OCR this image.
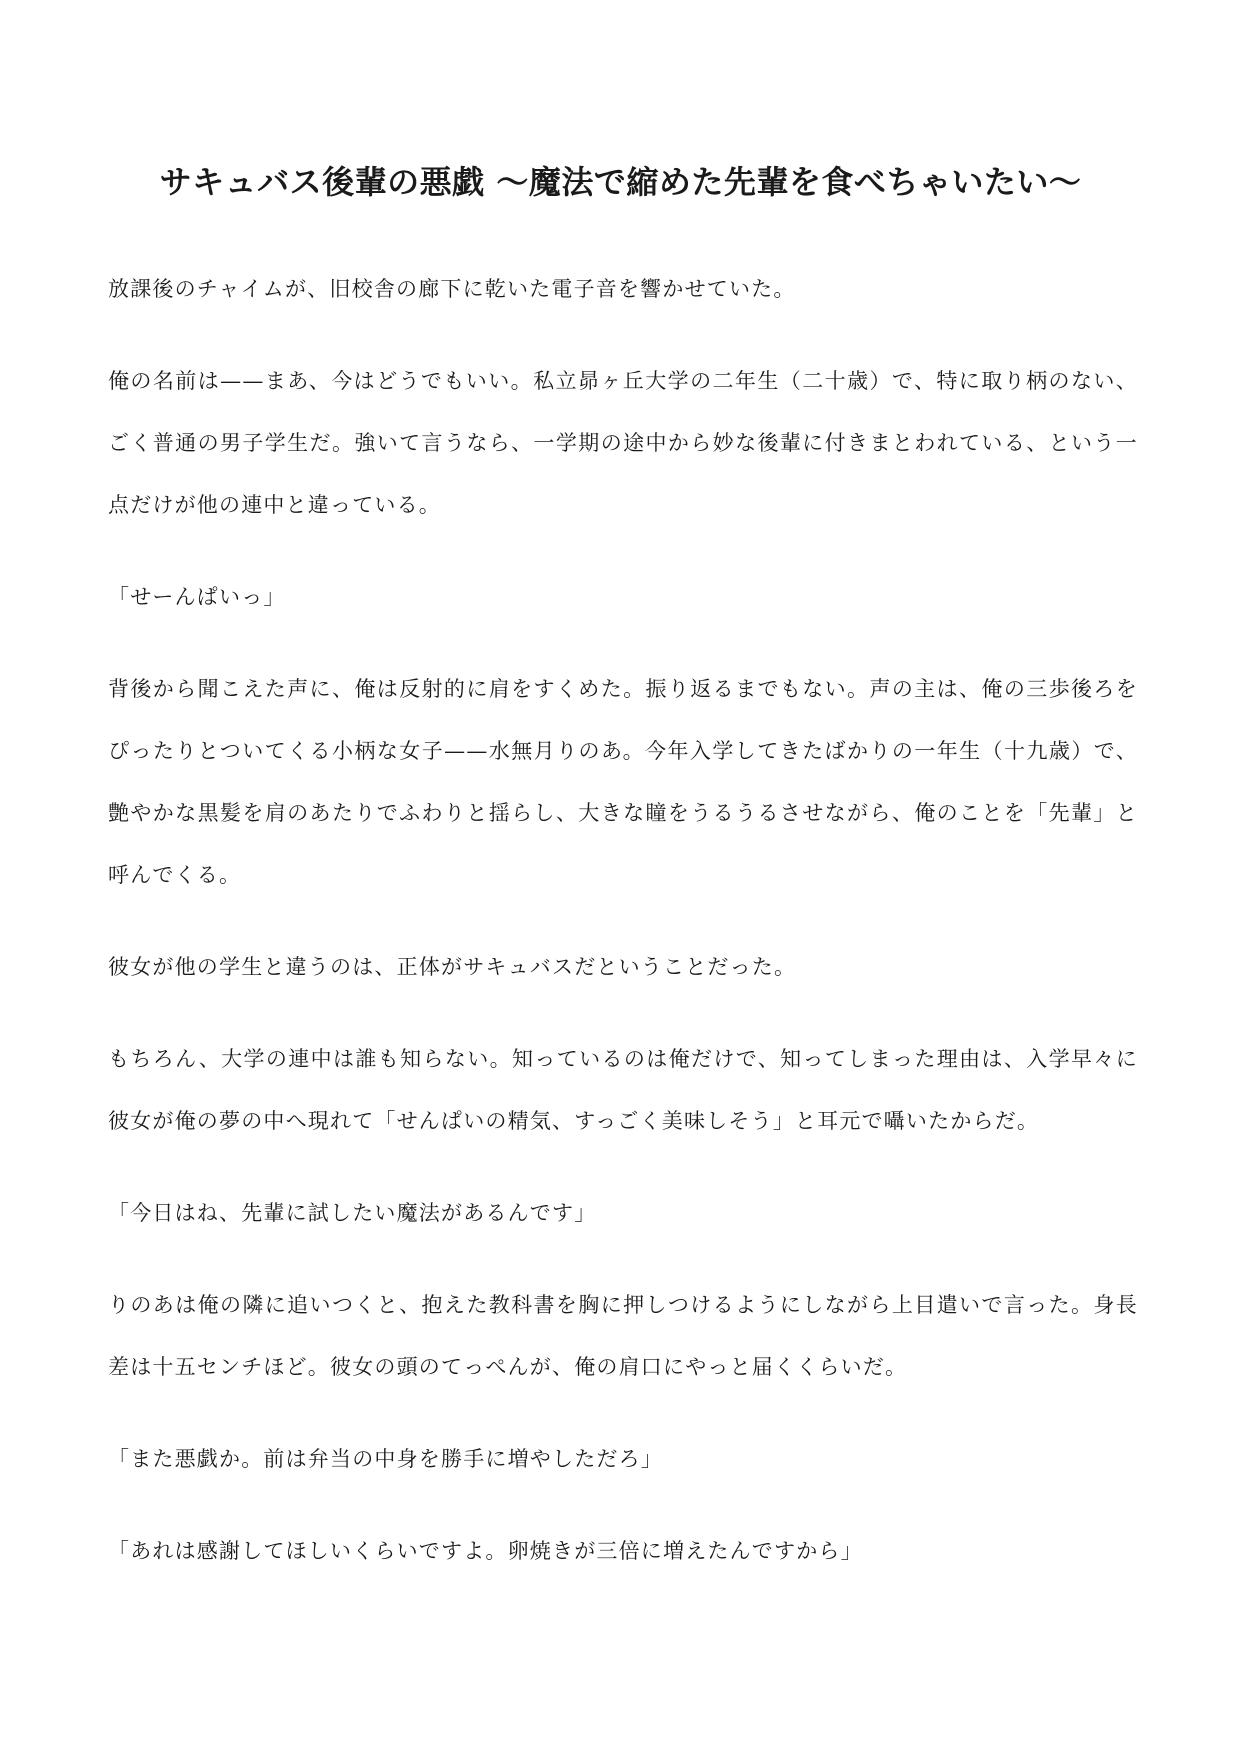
サキュバス後輩の悪戯 〜魔法で縮めた先輩を食べちゃいたい〜

放課後のチャイムが、旧校舎の廊下に乾いた電子音を響かせていた。

俺の名前は——まあ、今はどうでもいい。私立昴ヶ丘大学の二年生（二十歳）で、特に取り柄のない、ごく普通の男子学生だ。強いて言うなら、一学期の途中から妙な後輩に付きまとわれている、という一点だけが他の連中と違っている。

「せーんぱいっ」

背後から聞こえた声に、俺は反射的に肩をすくめた。振り返るまでもない。声の主は、俺の三歩後ろをぴったりとついてくる小柄な女子——水無月りのあ。今年入学してきたばかりの一年生（十九歳）で、艶やかな黒髪を肩のあたりでふわりと揺らし、大きな瞳をうるうるさせながら、俺のことを「先輩」と呼んでくる。

彼女が他の学生と違うのは、正体がサキュバスだということだった。

もちろん、大学の連中は誰も知らない。知っているのは俺だけで、知ってしまった理由は、入学早々に彼女が俺の夢の中へ現れて「せんぱいの精気、すっごく美味しそう」と耳元で囁いたからだ。

「今日はね、先輩に試したい魔法があるんです」

りのあは俺の隣に追いつくと、抱えた教科書を胸に押しつけるようにしながら上目遣いで言った。身長差は十五センチほど。彼女の頭のてっぺんが、俺の肩口にやっと届くくらいだ。

「また悪戯か。前は弁当の中身を勝手に増やしただろ」

「あれは感謝してほしいくらいですよ。卵焼きが三倍に増えたんですから」
